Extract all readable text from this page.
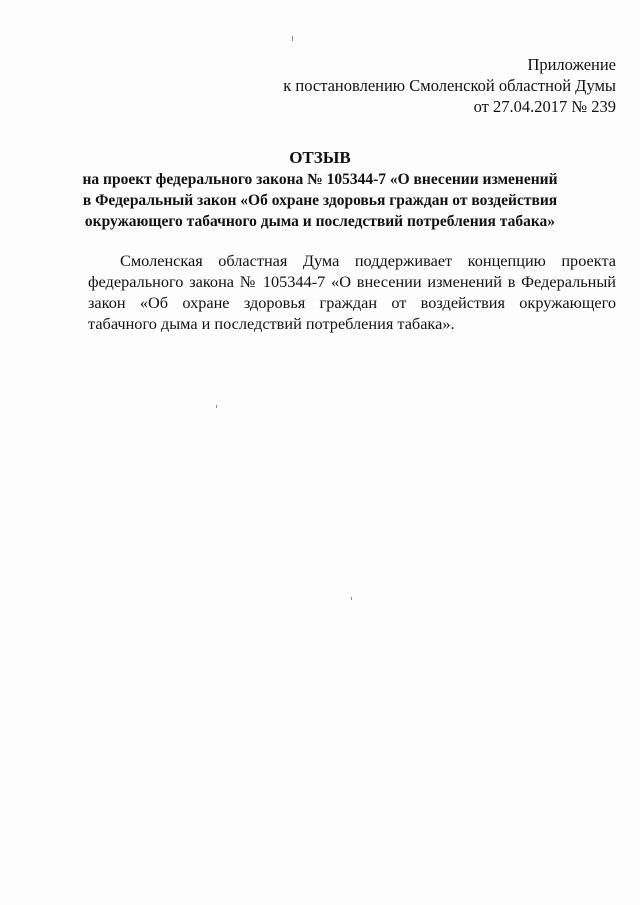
Приложение
к постановлению Смоленской областной Думы
от 27.04.2017 № 239
ОТЗЫВ
на проект федерального закона № 105344-7 «О внесении изменений
в Федеральный закон «Об охране здоровья граждан от воздействия
окружающего табачного дыма и последствий потребления табака»

Смоленская областная Дума поддерживает концепцию проекта федерального закона № 105344-7 «О внесении изменений в Федеральный закон «Об охране здоровья граждан от воздействия окружающего табачного дыма и последствий потребления табака».
